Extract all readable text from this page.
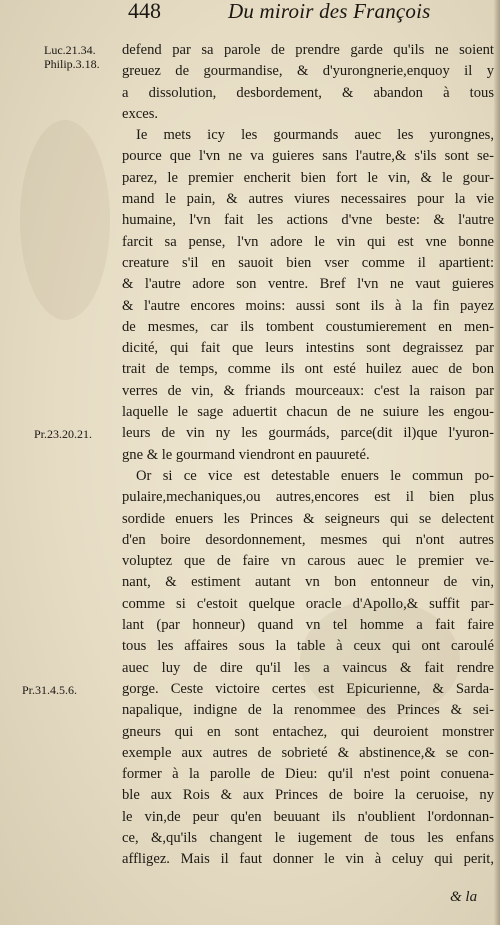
448	Du miroir des François
Luc.21.34.
Philip.3.18.
Pr.23.20.21.
Pr.31.4.5.6.
defend par sa parole de prendre garde qu'ils ne soient
greuez de gourmandise, & d'yurongnerie,enquoy il y
a dissolution, desbordement, & abandon à tous
exces.
Ie mets icy les gourmands auec les yurongnes,
pource que l'vn ne va guieres sans l'autre,& s'ils sont se-
parez, le premier encherit bien fort le vin, & le gour-
mand le pain, & autres viures necessaires pour la vie
humaine, l'vn fait les actions d'vne beste: & l'autre
farcit sa pense, l'vn adore le vin qui est vne bonne
creature s'il en sauoit bien vser comme il apartient:
& l'autre adore son ventre. Bref l'vn ne vaut guieres
& l'autre encores moins: aussi sont ils à la fin payez
de mesmes, car ils tombent coustumierement en men-
dicité, qui fait que leurs intestins sont degraissez par
trait de temps, comme ils ont esté huilez auec de bon
verres de vin, & friands mourceaux: c'est la raison par
laquelle le sage aduertit chacun de ne suiure les engou-
leurs de vin ny les gourmáds, parce(dit il)que l'yuron-
gne & le gourmand viendront en pauureté.
Or si ce vice est detestable enuers le commun po-
pulaire,mechaniques,ou autres,encores est il bien plus
sordide enuers les Princes & seigneurs qui se delectent
d'en boire desordonnement, mesmes qui n'ont autres
voluptez que de faire vn carous auec le premier ve-
nant, & estiment autant vn bon entonneur de vin,
comme si c'estoit quelque oracle d'Apollo,& suffit par-
lant (par honneur) quand vn tel homme a fait faire
tous les affaires sous la table à ceux qui ont caroulé
auec luy de dire qu'il les a vaincus & fait rendre
gorge. Ceste victoire certes est Epicurienne, & Sarda-
napalique, indigne de la renommee des Princes & sei-
gneurs qui en sont entachez, qui deuroient monstrer
exemple aux autres de sobrieté & abstinence,& se con-
former à la parolle de Dieu: qu'il n'est point conuena-
ble aux Rois & aux Princes de boire la ceruoise, ny
le vin,de peur qu'en beuuant ils n'oublient l'ordonnan-
ce, &,qu'ils changent le iugement de tous les enfans
affligez. Mais il faut donner le vin à celuy qui perit,
& la
